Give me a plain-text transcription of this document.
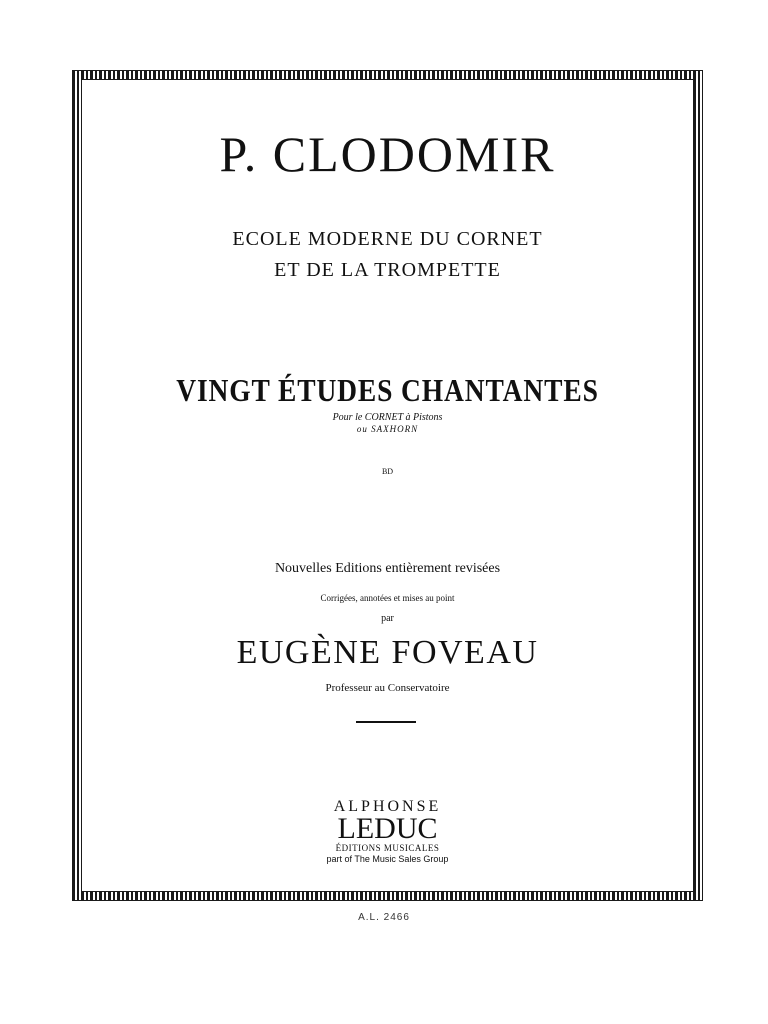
P. CLODOMIR
ECOLE MODERNE DU CORNET
ET DE LA TROMPETTE
VINGT ÉTUDES CHANTANTES
Pour le CORNET à Pistons
ou SAXHORN
BD
Nouvelles Editions entièrement revisées
Corrigées, annotées et mises au point
par
EUGÈNE FOVEAU
Professeur au Conservatoire
ALPHONSE
LEDUC
ÉDITIONS MUSICALES
part of The Music Sales Group
A.L. 2466
